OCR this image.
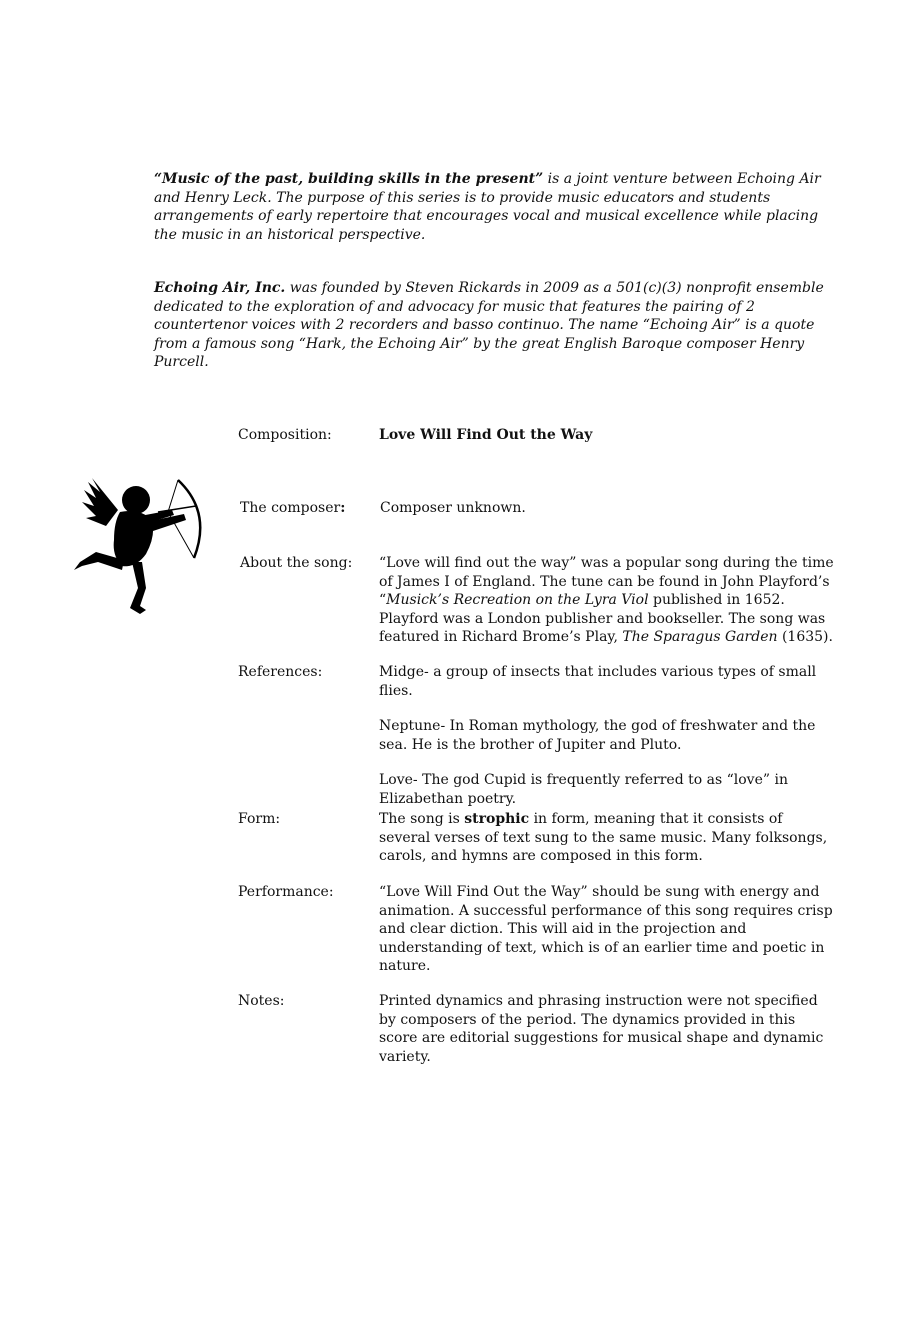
“Music of the past, building skills in the present” is a joint venture between Echoing Air and Henry Leck. The purpose of this series is to provide music educators and students arrangements of early repertoire that encourages vocal and musical excellence while placing the music in an historical perspective.
Echoing Air, Inc. was founded by Steven Rickards in 2009 as a 501(c)(3) nonprofit ensemble dedicated to the exploration of and advocacy for music that features the pairing of 2 countertenor voices with 2 recorders and basso continuo. The name “Echoing Air” is a quote from a famous song “Hark, the Echoing Air” by the great English Baroque composer Henry Purcell.
Composition:	Love Will Find Out the Way
The composer:	Composer unknown.
About the song:	“Love will find out the way” was a popular song during the time of James I of England. The tune can be found in John Playford’s “Musick’s Recreation on the Lyra Viol published in 1652. Playford was a London publisher and bookseller. The song was featured in Richard Brome’s Play, The Sparagus Garden (1635).
References:	Midge- a group of insects that includes various types of small flies.

Neptune- In Roman mythology, the god of freshwater and the sea. He is the brother of Jupiter and Pluto.

Love- The god Cupid is frequently referred to as “love” in Elizabethan poetry.

Form:	The song is strophic in form, meaning that it consists of several verses of text sung to the same music. Many folksongs, carols, and hymns are composed in this form.
Performance:	“Love Will Find Out the Way” should be sung with energy and animation. A successful performance of this song requires crisp and clear diction. This will aid in the projection and understanding of text, which is of an earlier time and poetic in nature.
Notes:	Printed dynamics and phrasing instruction were not specified by composers of the period. The dynamics provided in this score are editorial suggestions for musical shape and dynamic variety.
